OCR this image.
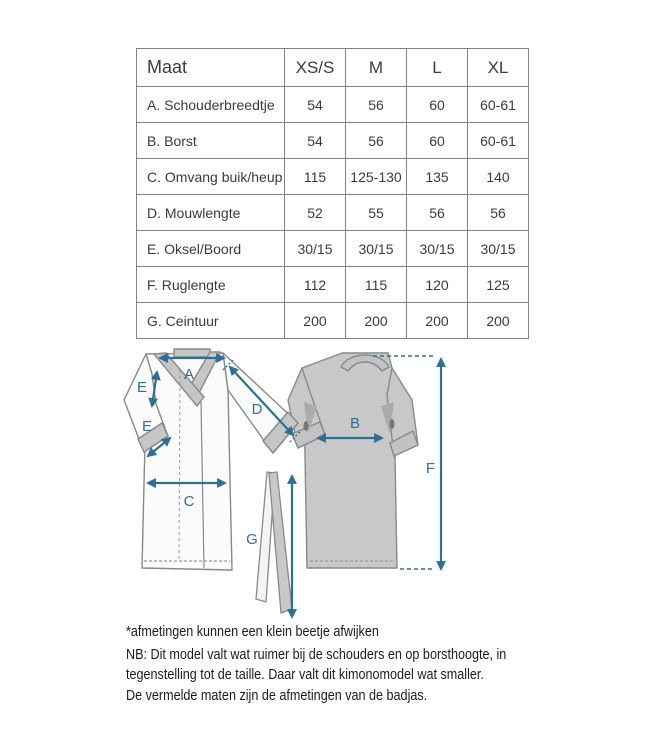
Maat	XS/S	M	L	XL
A. Schouderbreedtje	54	56	60	60-61
B. Borst	54	56	60	60-61
C. Omvang buik/heup	115	125-130	135	140
D. Mouwlengte	52	55	56	56
E. Oksel/Boord	30/15	30/15	30/15	30/15
F. Ruglengte	112	115	120	125
G. Ceintuur	200	200	200	200
A
E
E
D
C
B
G
F
*afmetingen kunnen een klein beetje afwijken
NB: Dit model valt wat ruimer bij de schouders en op borsthoogte, in
tegenstelling tot de taille. Daar valt dit kimonomodel wat smaller.
De vermelde maten zijn de afmetingen van de badjas.
